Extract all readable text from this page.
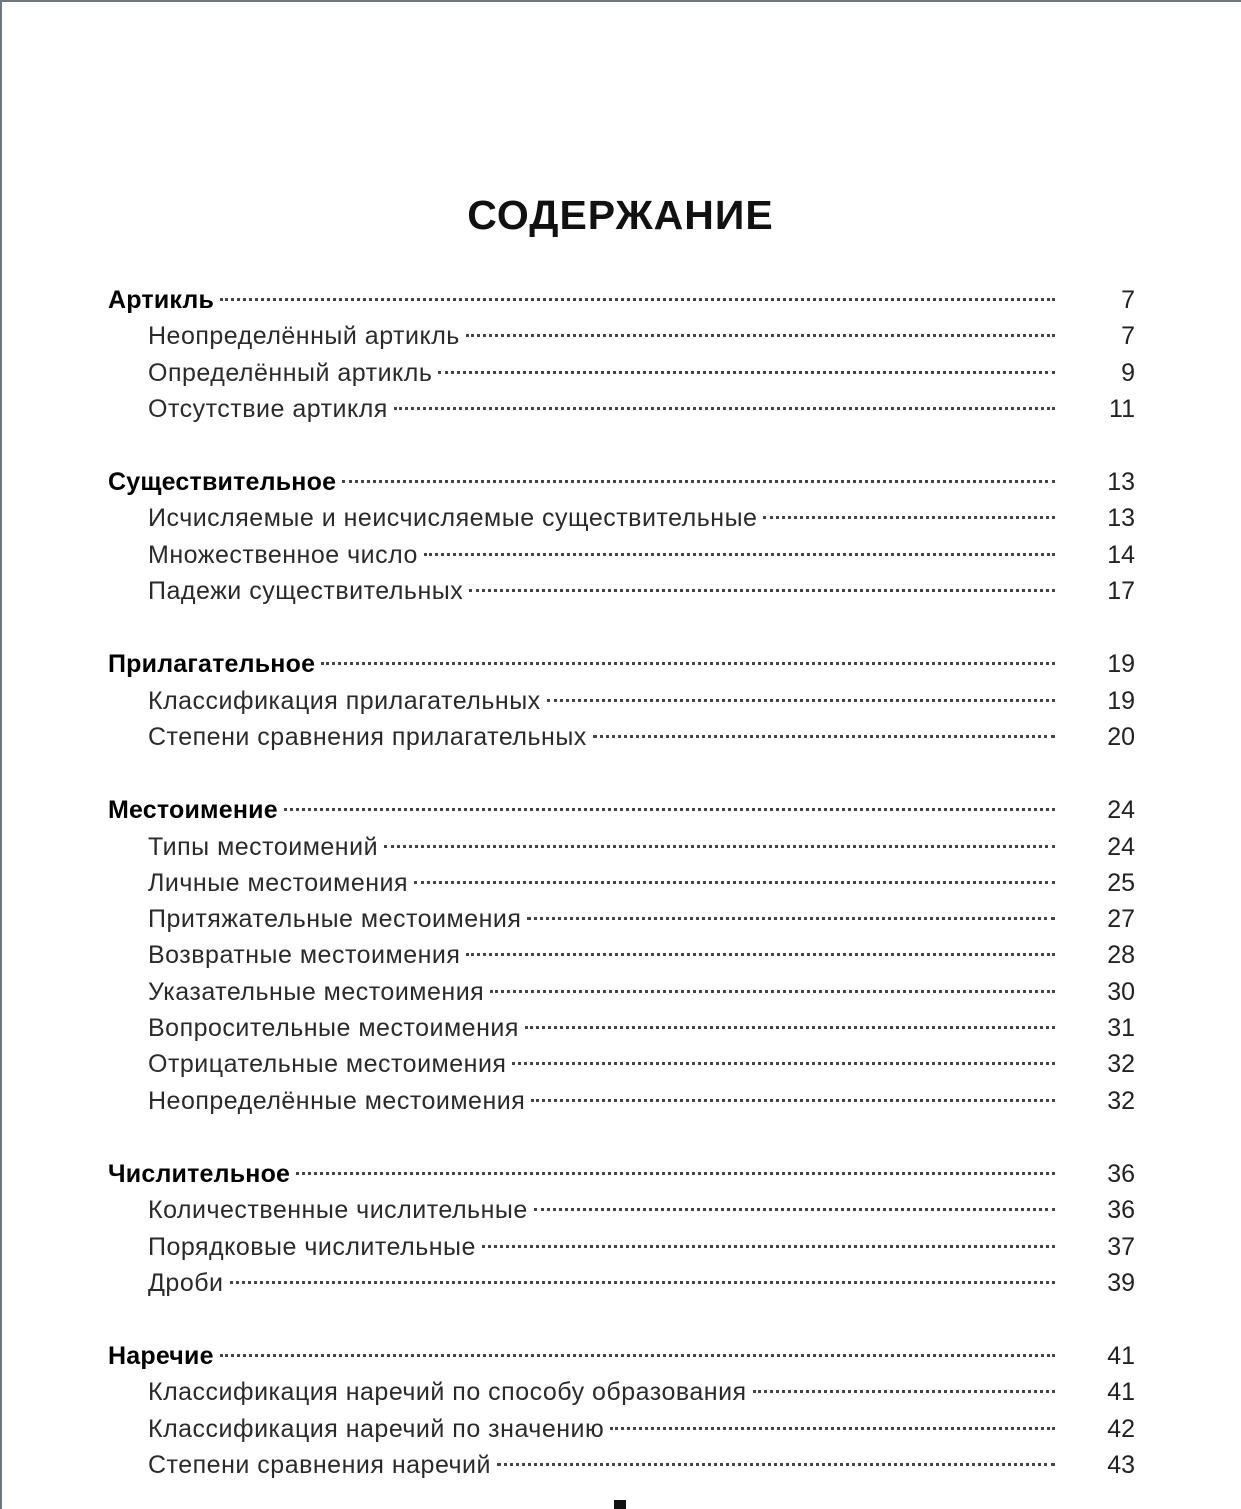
СОДЕРЖАНИЕ
Артикль	7
Неопределённый артикль	7
Определённый артикль	9
Отсутствие артикля	11
Существительное	13
Исчисляемые и неисчисляемые существительные	13
Множественное число	14
Падежи существительных	17
Прилагательное	19
Классификация прилагательных	19
Степени сравнения прилагательных	20
Местоимение	24
Типы местоимений	24
Личные местоимения	25
Притяжательные местоимения	27
Возвратные местоимения	28
Указательные местоимения	30
Вопросительные местоимения	31
Отрицательные местоимения	32
Неопределённые местоимения	32
Числительное	36
Количественные числительные	36
Порядковые числительные	37
Дроби	39
Наречие	41
Классификация наречий по способу образования	41
Классификация наречий по значению	42
Степени сравнения наречий	43
